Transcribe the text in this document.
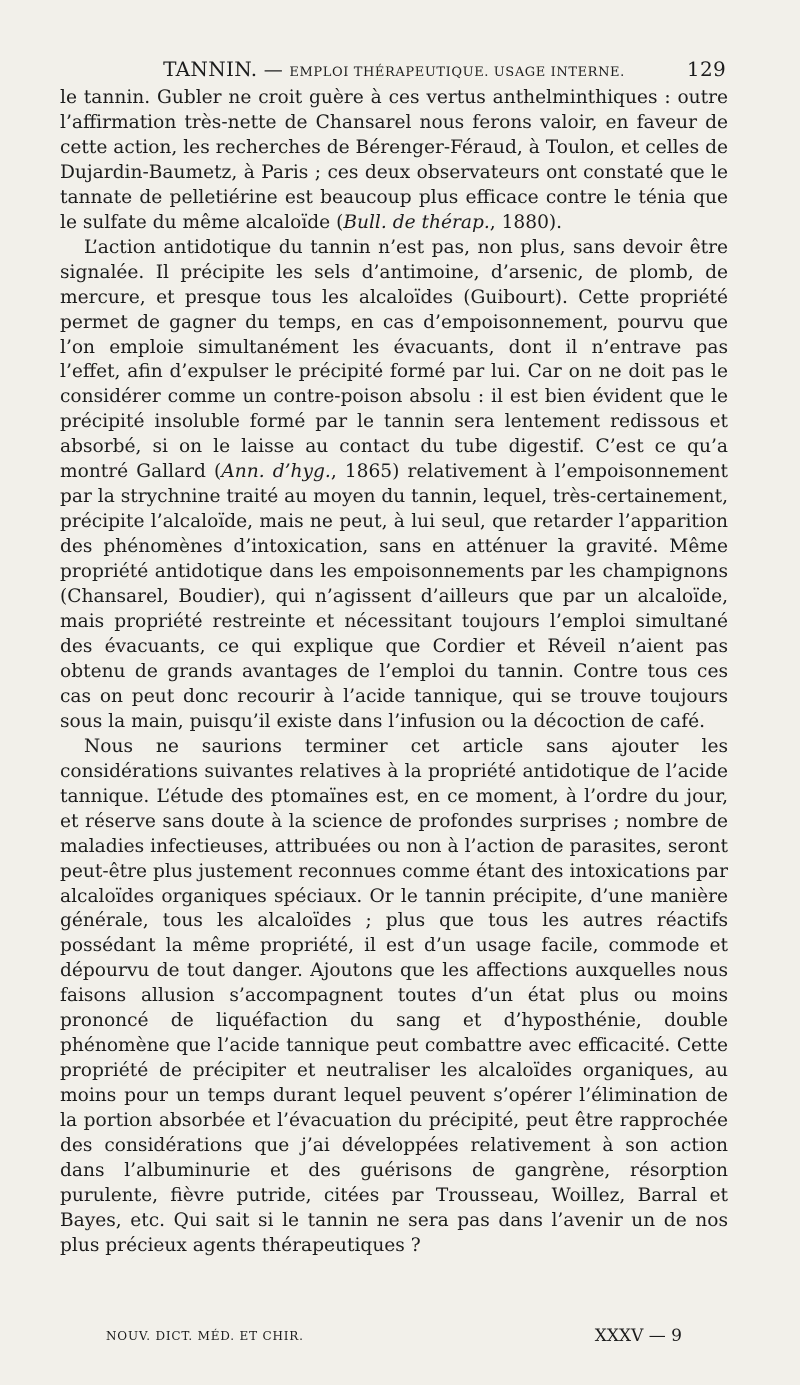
TANNIN. — EMPLOI THÉRAPEUTIQUE. USAGE INTERNE.	129

le tannin. Gubler ne croit guère à ces vertus anthelminthiques : outre l’affirmation très-nette de Chansarel nous ferons valoir, en faveur de cette action, les recherches de Bérenger-Féraud, à Toulon, et celles de Dujardin-Baumetz, à Paris ; ces deux observateurs ont constaté que le tannate de pelletiérine est beaucoup plus efficace contre le ténia que le sulfate du même alcaloïde (Bull. de thérap., 1880).

L’action antidotique du tannin n’est pas, non plus, sans devoir être signalée. Il précipite les sels d’antimoine, d’arsenic, de plomb, de mercure, et presque tous les alcaloïdes (Guibourt). Cette propriété permet de gagner du temps, en cas d’empoisonnement, pourvu que l’on emploie simultanément les évacuants, dont il n’entrave pas l’effet, afin d’expulser le précipité formé par lui. Car on ne doit pas le considérer comme un contre-poison absolu : il est bien évident que le précipité insoluble formé par le tannin sera lentement redissous et absorbé, si on le laisse au contact du tube digestif. C’est ce qu’a montré Gallard (Ann. d’hyg., 1865) relativement à l’empoisonnement par la strychnine traité au moyen du tannin, lequel, très-certainement, précipite l’alcaloïde, mais ne peut, à lui seul, que retarder l’apparition des phénomènes d’intoxication, sans en atténuer la gravité. Même propriété antidotique dans les empoisonnements par les champignons (Chansarel, Boudier), qui n’agissent d’ailleurs que par un alcaloïde, mais propriété restreinte et nécessitant toujours l’emploi simultané des évacuants, ce qui explique que Cordier et Réveil n’aient pas obtenu de grands avantages de l’emploi du tannin. Contre tous ces cas on peut donc recourir à l’acide tannique, qui se trouve toujours sous la main, puisqu’il existe dans l’infusion ou la décoction de café.

Nous ne saurions terminer cet article sans ajouter les considérations suivantes relatives à la propriété antidotique de l’acide tannique. L’étude des ptomaïnes est, en ce moment, à l’ordre du jour, et réserve sans doute à la science de profondes surprises ; nombre de maladies infectieuses, attribuées ou non à l’action de parasites, seront peut-être plus justement reconnues comme étant des intoxications par alcaloïdes organiques spéciaux. Or le tannin précipite, d’une manière générale, tous les alcaloïdes ; plus que tous les autres réactifs possédant la même propriété, il est d’un usage facile, commode et dépourvu de tout danger. Ajoutons que les affections auxquelles nous faisons allusion s’accompagnent toutes d’un état plus ou moins prononcé de liquéfaction du sang et d’hyposthénie, double phénomène que l’acide tannique peut combattre avec efficacité. Cette propriété de précipiter et neutraliser les alcaloïdes organiques, au moins pour un temps durant lequel peuvent s’opérer l’élimination de la portion absorbée et l’évacuation du précipité, peut être rapprochée des considérations que j’ai développées relativement à son action dans l’albuminurie et des guérisons de gangrène, résorption purulente, fièvre putride, citées par Trousseau, Woillez, Barral et Bayes, etc. Qui sait si le tannin ne sera pas dans l’avenir un de nos plus précieux agents thérapeutiques ?

NOUV. DICT. MÉD. ET CHIR.	XXXV — 9
